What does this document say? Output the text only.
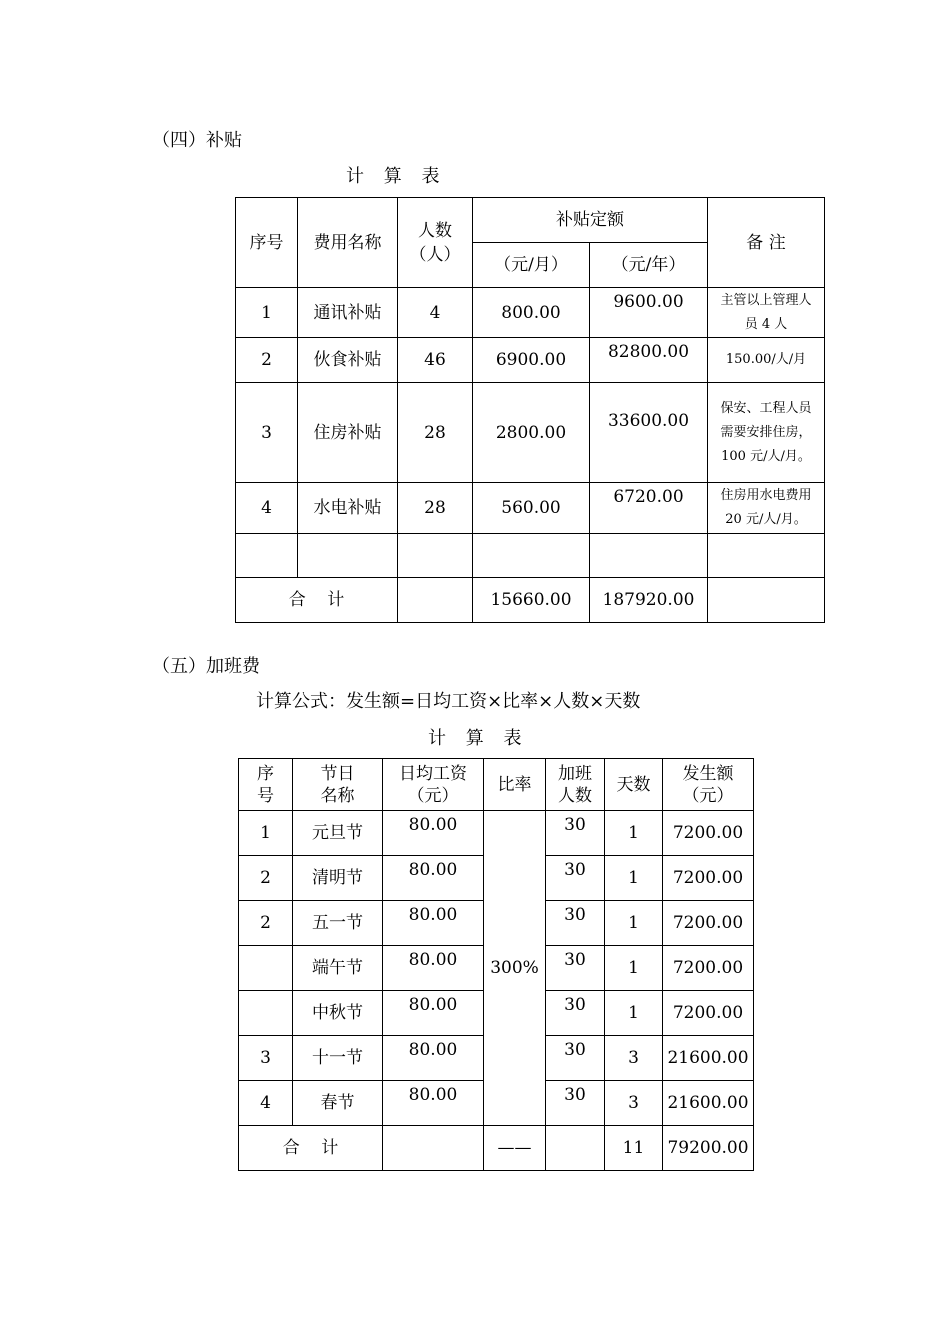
（四）补贴
计 算 表
序号	费用名称	人数（人）	补贴定额		备 注
			（元/月）	（元/年）	
1	通讯补贴	4	800.00	9600.00	主管以上管理人员 4 人
2	伙食补贴	46	6900.00	82800.00	150.00/人/月
3	住房补贴	28	2800.00	33600.00	保安、工程人员需要安排住房，100 元/人/月。
4	水电补贴	28	560.00	6720.00	住房用水电费用 20 元/人/月。

合    计			15660.00	187920.00	
（五）加班费
计算公式：发生额=日均工资×比率×人数×天数
计 算 表
序号	节日名称	日均工资（元）	比率	加班人数	天数	发生额（元）
1	元旦节	80.00	300%	30	1	7200.00
2	清明节	80.00		30	1	7200.00
2	五一节	80.00		30	1	7200.00
	端午节	80.00		30	1	7200.00
	中秋节	80.00		30	1	7200.00
3	十一节	80.00		30	3	21600.00
4	春节	80.00		30	3	21600.00
合    计			——		11	79200.00
